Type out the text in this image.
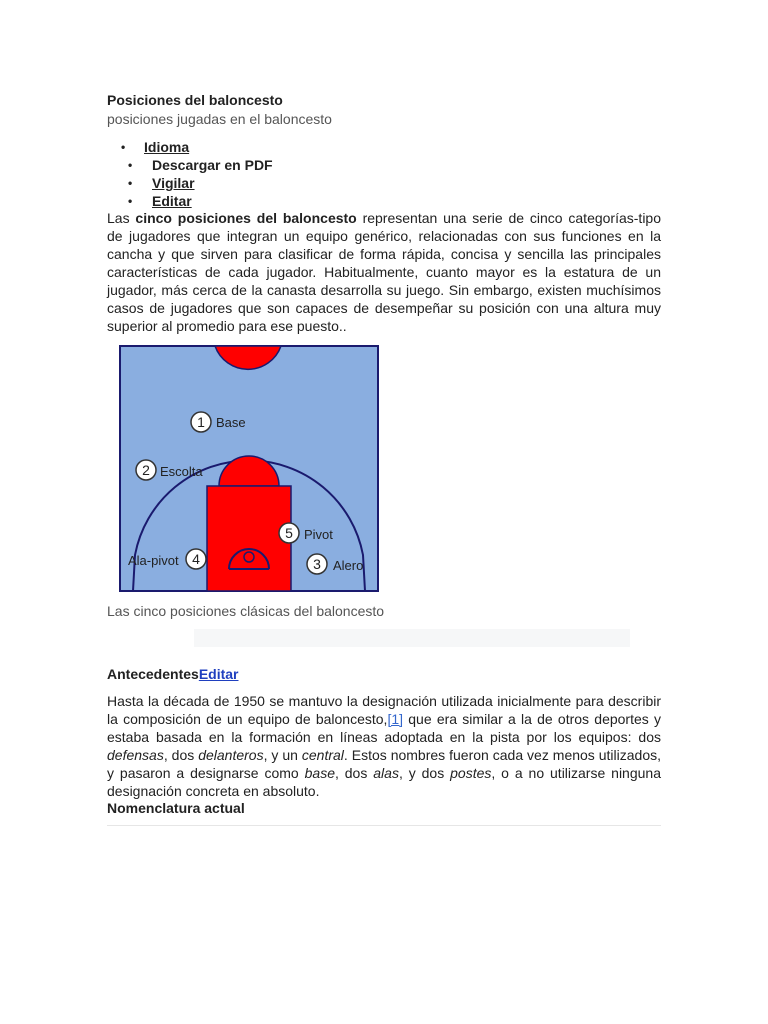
Posiciones del baloncesto
posiciones jugadas en el baloncesto
Idioma
Descargar en PDF
Vigilar
Editar
Las cinco posiciones del baloncesto representan una serie de cinco categorías-tipo de jugadores que integran un equipo genérico, relacionadas con sus funciones en la cancha y que sirven para clasificar de forma rápida, concisa y sencilla las principales características de cada jugador. Habitualmente, cuanto mayor es la estatura de un jugador, más cerca de la canasta desarrolla su juego. Sin embargo, existen muchísimos casos de jugadores que son capaces de desempeñar su posición con una altura muy superior al promedio para ese puesto..
1 Base
2 Escolta
5 Pivot
4
Ala-pivot	3 Alero
Las cinco posiciones clásicas del baloncesto
AntecedentesEditar
Hasta la década de 1950 se mantuvo la designación utilizada inicialmente para describir la composición de un equipo de baloncesto,[1] que era similar a la de otros deportes y estaba basada en la formación en líneas adoptada en la pista por los equipos: dos defensas, dos delanteros, y un central. Estos nombres fueron cada vez menos utilizados, y pasaron a designarse como base, dos alas, y dos postes, o a no utilizarse ninguna designación concreta en absoluto.
Nomenclatura actual
